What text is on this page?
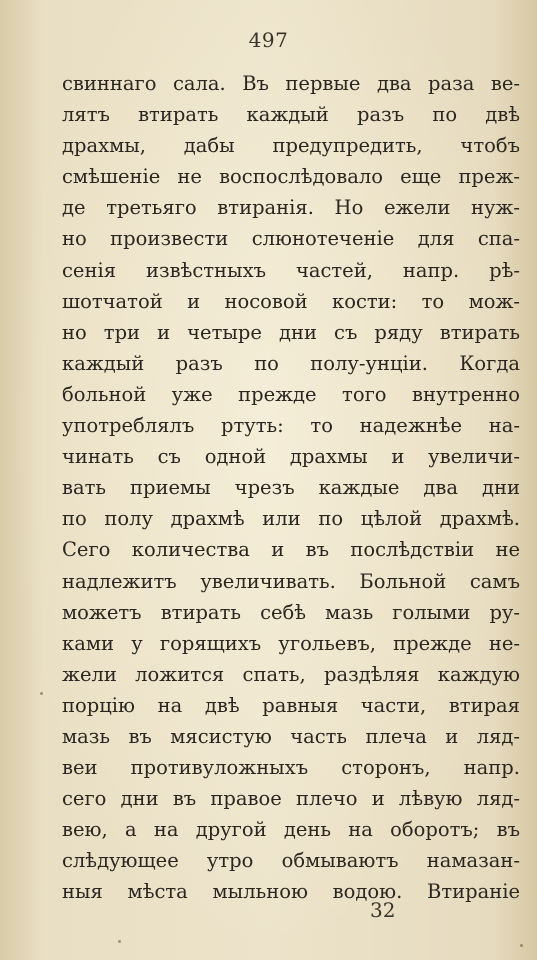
497
свиннаго сала. Въ первые два раза ве-
лятъ втирать каждый разъ по двѣ
драхмы, дабы предупредить, чтобъ
смѣшеніе не воспослѣдовало еще преж-
де третьяго втиранія. Но ежели нуж-
но произвести слюнотеченіе для спа-
сенія извѣстныхъ частей, напр. рѣ-
шотчатой и носовой кости: то мож-
но три и четыре дни съ ряду втирать
каждый разъ по полу-унціи. Когда
больной уже прежде того внутренно
употреблялъ ртуть: то надежнѣе на-
чинать съ одной драхмы и увеличи-
вать приемы чрезъ каждые два дни
по полу драхмѣ или по цѣлой драхмѣ.
Сего количества и въ послѣдствіи не
надлежитъ увеличивать. Больной самъ
можетъ втирать себѣ мазь голыми ру-
ками у горящихъ угольевъ, прежде не-
жели ложится спать, раздѣляя каждую
порцію на двѣ равныя части, втирая
мазь въ мясистую часть плеча и ляд-
веи противуложныхъ сторонъ, напр.
сего дни въ правое плечо и лѣвую ляд-
вею, а на другой день на оборотъ; въ
слѣдующее утро обмываютъ намазан-
ныя мѣста мыльною водою. Втираніе
32
